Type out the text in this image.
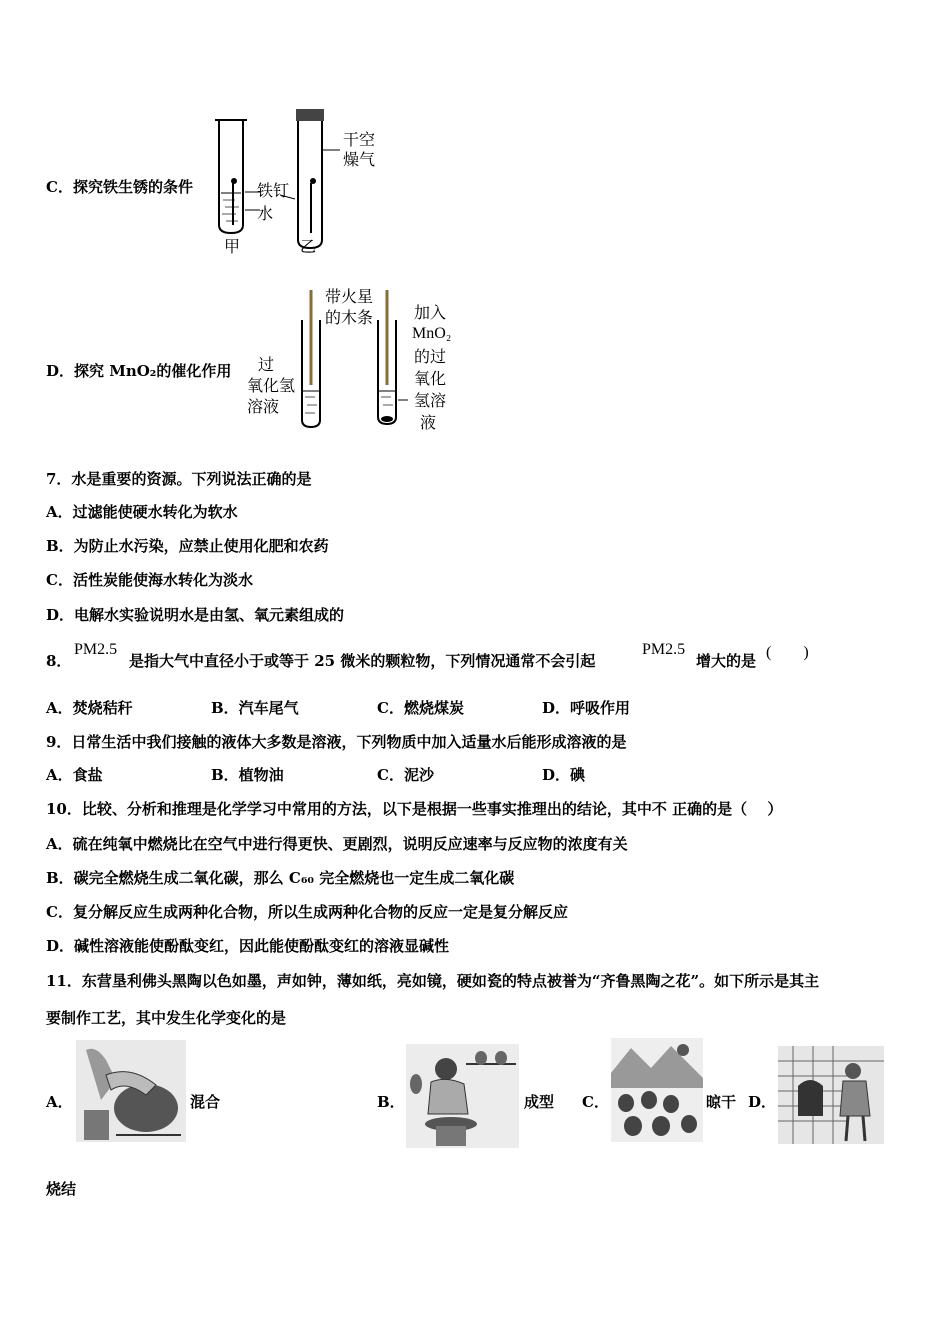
C．探究铁生锈的条件
干空
燥气
铁钉
水
甲	乙
D．探究 MnO₂的催化作用
带火星
的木条
过
氧化氢
溶液
加入
MnO₂
的过
氧化
氢溶
液
7．水是重要的资源。下列说法正确的是
A．过滤能使硬水转化为软水
B．为防止水污染，应禁止使用化肥和农药
C．活性炭能使海水转化为淡水
D．电解水实验说明水是由氢、氧元素组成的
8．
PM2.5
是指大气中直径小于或等于 25 微米的颗粒物，下列情况通常不会引起
PM2.5
增大的是 (　　)
A．焚烧秸秆	B．汽车尾气	C．燃烧煤炭	D．呼吸作用
9．日常生活中我们接触的液体大多数是溶液，下列物质中加入适量水后能形成溶液的是
A．食盐	B．植物油	C．泥沙	D．碘
10．比较、分析和推理是化学学习中常用的方法，以下是根据一些事实推理出的结论，其中不 正确的是（　 ）
A．硫在纯氧中燃烧比在空气中进行得更快、更剧烈，说明反应速率与反应物的浓度有关
B．碳完全燃烧生成二氧化碳，那么 C₆₀ 完全燃烧也一定生成二氧化碳
C．复分解反应生成两种化合物，所以生成两种化合物的反应一定是复分解反应
D．碱性溶液能使酚酞变红，因此能使酚酞变红的溶液显碱性
11．东营垦利佛头黑陶以色如墨，声如钟，薄如纸，亮如镜，硬如瓷的特点被誉为“齐鲁黑陶之花”。如下所示是其主
要制作工艺，其中发生化学变化的是
A．	混合	B．	成型 C．	晾干 D．
烧结
